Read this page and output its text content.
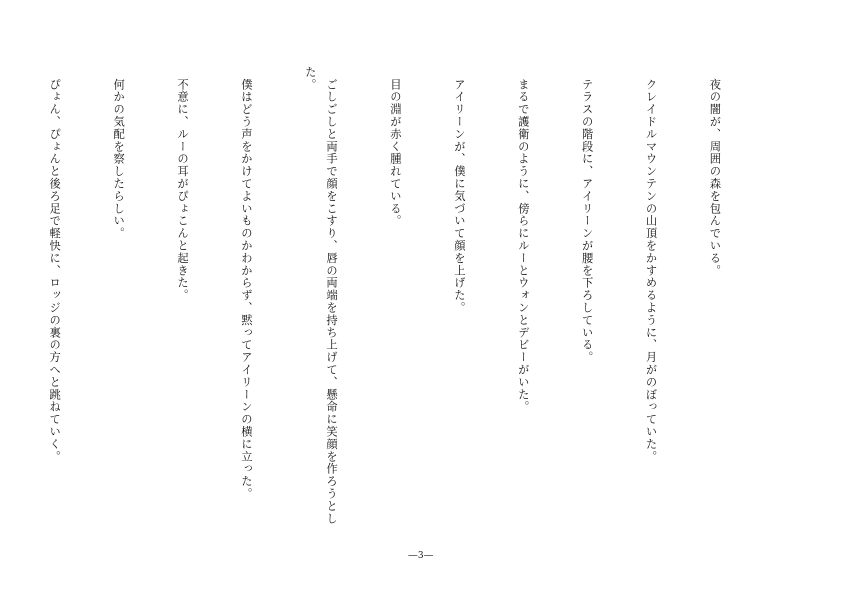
　夜の闇が、周囲の森を包んでいる。

　クレイドルマウンテンの山頂をかすめるように、月がのぼっていた。

　テラスの階段に、アイリーンが腰を下ろしている。

　まるで護衛のように、傍らにルーとウォンとデビーがいた。

　アイリーンが、僕に気づいて顔を上げた。

　目の淵が赤く腫れている。

　ごしごしと両手で顔をこすり、唇の両端を持ち上げて、懸命に笑顔を作ろうとした。

　僕はどう声をかけてよいものかわからず、黙ってアイリーンの横に立った。

　不意に、ルーの耳がぴょこんと起きた。

　何かの気配を察したらしい。

　ぴょん、ぴょんと後ろ足で軽快に、ロッジの裏の方へと跳ねていく。

―3―
